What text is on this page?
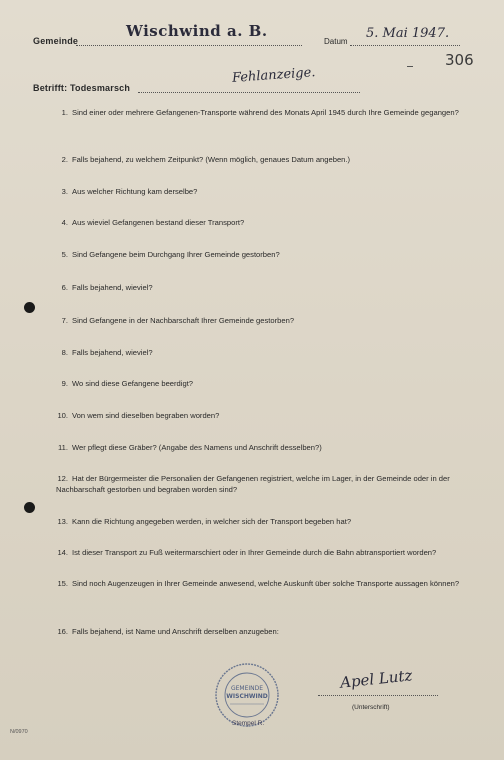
Gemeinde
Wischwind a. B.
Datum
5. Mai 1947.
306
Betrifft: Todesmarsch
Fehlanzeige.
1. Sind einer oder mehrere Gefangenen-Transporte während des Monats April 1945 durch Ihre Gemeinde gegangen?
2. Falls bejahend, zu welchem Zeitpunkt? (Wenn möglich, genaues Datum angeben.)
3. Aus welcher Richtung kam derselbe?
4. Aus wieviel Gefangenen bestand dieser Transport?
5. Sind Gefangene beim Durchgang Ihrer Gemeinde gestorben?
6. Falls bejahend, wieviel?
7. Sind Gefangene in der Nachbarschaft Ihrer Gemeinde gestorben?
8. Falls bejahend, wieviel?
9. Wo sind diese Gefangene beerdigt?
10. Von wem sind dieselben begraben worden?
11. Wer pflegt diese Gräber? (Angabe des Namens und Anschrift desselben?)
12. Hat der Bürgermeister die Personalien der Gefangenen registriert, welche im Lager, in der Gemeinde oder in der Nachbarschaft gestorben und begraben worden sind?
13. Kann die Richtung angegeben werden, in welcher sich der Transport begeben hat?
14. Ist dieser Transport zu Fuß weitermarschiert oder in Ihrer Gemeinde durch die Bahn abtransportiert worden?
15. Sind noch Augenzeugen in Ihrer Gemeinde anwesend, welche Auskunft über solche Transporte aussagen können?
16. Falls bejahend, ist Name und Anschrift derselben anzugeben:
GEMEINDE
WISCHWIND
Stempel R.
Apel Lutz
(Unterschrift)
N/0970
